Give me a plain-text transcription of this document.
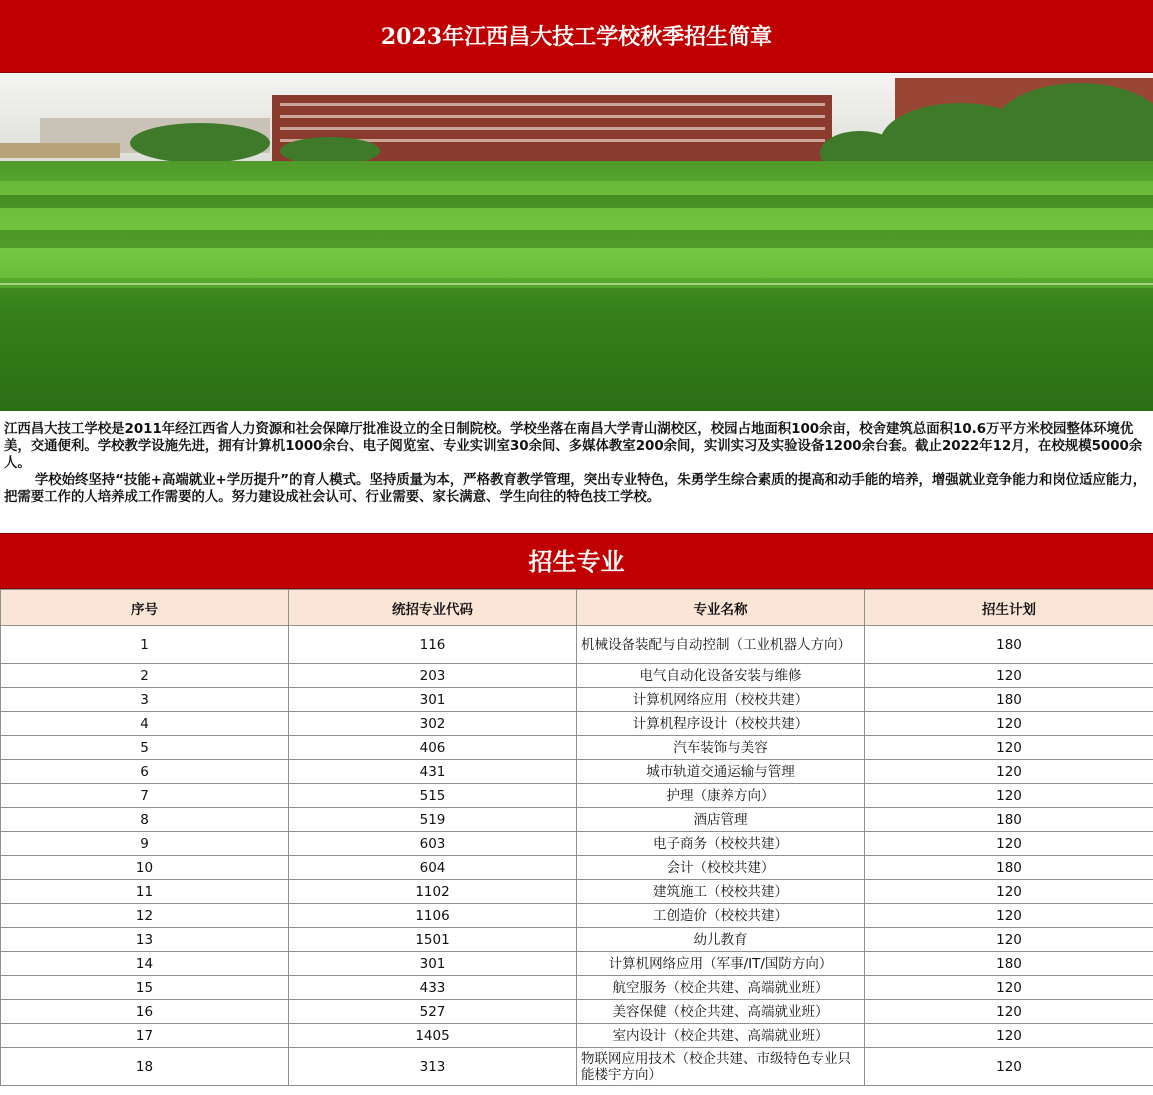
2023年江西昌大技工学校秋季招生简章

江西昌大技工学校是2011年经江西省人力资源和社会保障厅批准设立的全日制院校。学校坐落在南昌大学青山湖校区，校园占地面积100余亩，校舍建筑总面积10.6万平方米校园整体环境优美，交通便利。学校教学设施先进，拥有计算机1000余台、电子阅览室、专业实训室30余间、多媒体教室200余间，实训实习及实验设备1200余台套。截止2022年12月，在校规模5000余人。

学校始终坚持“技能+高端就业+学历提升”的育人模式。坚持质量为本，严格教育教学管理，突出专业特色，朱勇学生综合素质的提高和动手能的培养，增强就业竞争能力和岗位适应能力，把需要工作的人培养成工作需要的人。努力建设成社会认可、行业需要、家长满意、学生向往的特色技工学校。

招生专业
序号	统招专业代码	专业名称	招生计划
1	116	机械设备装配与自动控制（工业机器人方向）	180
2	203	电气自动化设备安装与维修	120
3	301	计算机网络应用（校校共建）	180
4	302	计算机程序设计（校校共建）	120
5	406	汽车装饰与美容	120
6	431	城市轨道交通运输与管理	120
7	515	护理（康养方向）	120
8	519	酒店管理	180
9	603	电子商务（校校共建）	120
10	604	会计（校校共建）	180
11	1102	建筑施工（校校共建）	120
12	1106	工创造价（校校共建）	120
13	1501	幼儿教育	120
14	301	计算机网络应用（军事/IT/国防方向）	180
15	433	航空服务（校企共建、高端就业班）	120
16	527	美容保健（校企共建、高端就业班）	120
17	1405	室内设计（校企共建、高端就业班）	120
18	313	物联网应用技术（校企共建、市级特色专业只能楼宇方向）	120
